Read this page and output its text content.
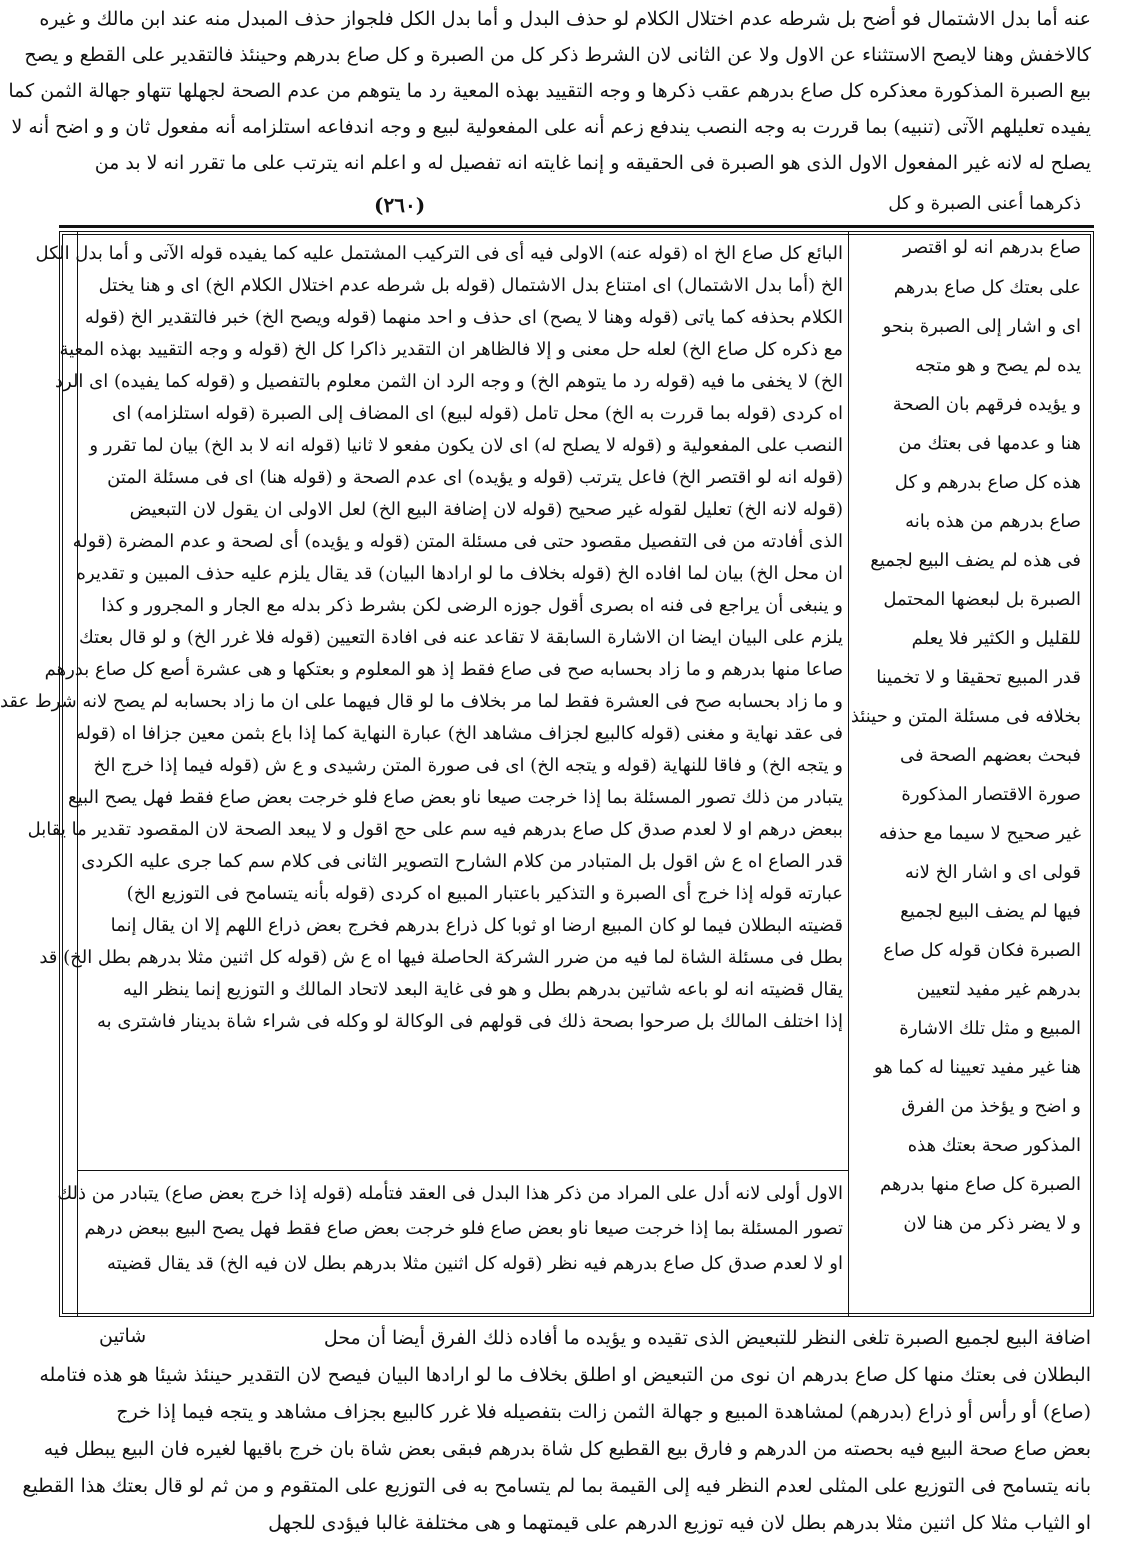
عنه أما بدل الاشتمال فو أضح بل شرطه عدم اختلال الكلام لو حذف البدل و أما بدل الكل فلجواز حذف المبدل منه عند ابن مالك و غيره
كالاخفش وهنا لايصح الاستثناء عن الاول ولا عن الثانى لان الشرط ذكر كل من الصبرة و كل صاع بدرهم وحينئذ فالتقدير على القطع و يصح
بيع الصبرة المذكورة معذكره كل صاع بدرهم عقب ذكرها و وجه التقييد بهذه المعية رد ما يتوهم من عدم الصحة لجهلها تتهاو جهالة الثمن كما
يفيده تعليلهم الآتى (تنبيه) بما قررت به وجه النصب يندفع زعم أنه على المفعولية لبيع و وجه اندفاعه استلزامه أنه مفعول ثان و و اضح أنه لا
يصلح له لانه غير المفعول الاول الذى هو الصبرة فى الحقيقه و إنما غايته انه تفصيل له و اعلم انه يترتب على ما تقرر انه لا بد من
ذكرهما أعنى الصبرة و كل
صاع بدرهم انه لو اقتصر
على بعتك كل صاع بدرهم
اى و اشار إلى الصبرة بنحو
يده لم يصح و هو متجه
و يؤيده فرقهم بان الصحة
هنا و عدمها فى بعتك من
هذه كل صاع بدرهم و كل
صاع بدرهم من هذه بانه
فى هذه لم يضف البيع لجميع
الصبرة بل لبعضها المحتمل
للقليل و الكثير فلا يعلم
قدر المبيع تحقيقا و لا تخمينا
بخلافه فى مسئلة المتن و حينئذ
فبحث بعضهم الصحة فى
صورة الاقتصار المذكورة
غير صحيح لا سيما مع حذفه
قولى اى و اشار الخ لانه
فيها لم يضف البيع لجميع
الصبرة فكان قوله كل صاع
بدرهم غير مفيد لتعيين
المبيع و مثل تلك الاشارة
هنا غير مفيد تعيينا له كما هو
و اضح و يؤخذ من الفرق
المذكور صحة بعتك هذه
الصبرة كل صاع منها بدرهم
و لا يضر ذكر من هنا لان
(٢٦٠)
البائع كل صاع الخ اه (قوله عنه) الاولى فيه أى فى التركيب المشتمل عليه كما يفيده قوله الآتى و أما بدل الكل
الخ (أما بدل الاشتمال) اى امتناع بدل الاشتمال (قوله بل شرطه عدم اختلال الكلام الخ) اى و هنا يختل
الكلام بحذفه كما ياتى (قوله وهنا لا يصح) اى حذف و احد منهما (قوله ويصح الخ) خبر فالتقدير الخ (قوله
مع ذكره كل صاع الخ) لعله حل معنى و إلا فالظاهر ان التقدير ذاكرا كل الخ (قوله و وجه التقييد بهذه المعية
الخ) لا يخفى ما فيه (قوله رد ما يتوهم الخ) و وجه الرد ان الثمن معلوم بالتفصيل و (قوله كما يفيده) اى الرد
اه كردى (قوله بما قررت به الخ) محل تامل (قوله لبيع) اى المضاف إلى الصبرة (قوله استلزامه) اى
النصب على المفعولية و (قوله لا يصلح له) اى لان يكون مفعو لا ثانيا (قوله انه لا بد الخ) بيان لما تقرر و
(قوله انه لو اقتصر الخ) فاعل يترتب (قوله و يؤيده) اى عدم الصحة و (قوله هنا) اى فى مسئلة المتن
(قوله لانه الخ) تعليل لقوله غير صحيح (قوله لان إضافة البيع الخ) لعل الاولى ان يقول لان التبعيض
الذى أفادته من فى التفصيل مقصود حتى فى مسئلة المتن (قوله و يؤيده) أى لصحة و عدم المضرة (قوله
ان محل الخ) بيان لما افاده الخ (قوله بخلاف ما لو ارادها البيان) قد يقال يلزم عليه حذف المبين و تقديره
و ينبغى أن يراجع فى فنه اه بصرى أقول جوزه الرضى لكن بشرط ذكر بدله مع الجار و المجرور و كذا
يلزم على البيان ايضا ان الاشارة السابقة لا تقاعد عنه فى افادة التعيين (قوله فلا غرر الخ) و لو قال بعتك
صاعا منها بدرهم و ما زاد بحسابه صح فى صاع فقط إذ هو المعلوم و بعتكها و هى عشرة أصع كل صاع بدرهم
و ما زاد بحسابه صح فى العشرة فقط لما مر بخلاف ما لو قال فيهما على ان ما زاد بحسابه لم يصح لانه شرط عقد
فى عقد نهاية و مغنى (قوله كالبيع لجزاف مشاهد الخ) عبارة النهاية كما إذا باع بثمن معين جزافا اه (قوله
و يتجه الخ) و فاقا للنهاية (قوله و يتجه الخ) اى فى صورة المتن رشيدى و ع ش (قوله فيما إذا خرج الخ
يتبادر من ذلك تصور المسئلة بما إذا خرجت صيعا ناو بعض صاع فلو خرجت بعض صاع فقط فهل يصح البيع
ببعض درهم او لا لعدم صدق كل صاع بدرهم فيه سم على حج اقول و لا يبعد الصحة لان المقصود تقدير ما يقابل
قدر الصاع اه ع ش اقول بل المتبادر من كلام الشارح التصوير الثانى فى كلام سم كما جرى عليه الكردى
عبارته قوله إذا خرج أى الصبرة و التذكير باعتبار المبيع اه كردى (قوله بأنه يتسامح فى التوزيع الخ)
قضيته البطلان فيما لو كان المبيع ارضا او ثوبا كل ذراع بدرهم فخرج بعض ذراع اللهم إلا ان يقال إنما
بطل فى مسئلة الشاة لما فيه من ضرر الشركة الحاصلة فيها اه ع ش (قوله كل اثنين مثلا بدرهم بطل الخ) قد
يقال قضيته انه لو باعه شاتين بدرهم بطل و هو فى غاية البعد لاتحاد المالك و التوزيع إنما ينظر اليه
إذا اختلف المالك بل صرحوا بصحة ذلك فى قولهم فى الوكالة لو وكله فى شراء شاة بدينار فاشترى به
الاول أولى لانه أدل على المراد من ذكر هذا البدل فى العقد فتأمله (قوله إذا خرج بعض صاع) يتبادر من ذلك
تصور المسئلة بما إذا خرجت صيعا ناو بعض صاع فلو خرجت بعض صاع فقط فهل يصح البيع ببعض درهم
او لا لعدم صدق كل صاع بدرهم فيه نظر (قوله كل اثنين مثلا بدرهم بطل لان فيه الخ) قد يقال قضيته
شاتين	اضافة البيع لجميع الصبرة تلغى النظر للتبعيض الذى تقيده و يؤيده ما أفاده ذلك الفرق أيضا أن محل
البطلان فى بعتك منها كل صاع بدرهم ان نوى من التبعيض او اطلق بخلاف ما لو ارادها البيان فيصح لان التقدير حينئذ شيئا هو هذه فتامله
(صاع) أو رأس أو ذراع (بدرهم) لمشاهدة المبيع و جهالة الثمن زالت بتفصيله فلا غرر كالبيع بجزاف مشاهد و يتجه فيما إذا خرج
بعض صاع صحة البيع فيه بحصته من الدرهم و فارق بيع القطيع كل شاة بدرهم فبقى بعض شاة بان خرج باقيها لغيره فان البيع يبطل فيه
بانه يتسامح فى التوزيع على المثلى لعدم النظر فيه إلى القيمة بما لم يتسامح به فى التوزيع على المتقوم و من ثم لو قال بعتك هذا القطيع
او الثياب مثلا كل اثنين مثلا بدرهم بطل لان فيه توزيع الدرهم على قيمتهما و هى مختلفة غالبا فيؤدى للجهل
